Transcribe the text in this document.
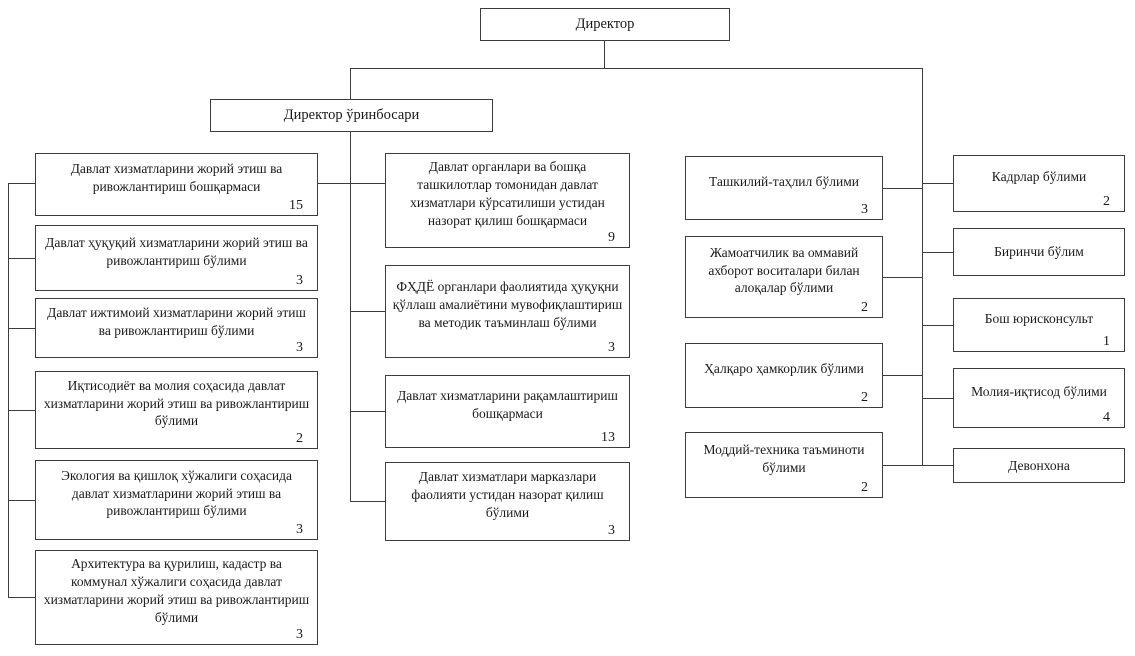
Директор
Директор ўринбосари
Давлат хизматларини жорий этиш ва ривожлантириш бошқармаси
15
Давлат ҳуқуқий хизматларини жорий этиш ва ривожлантириш бўлими
3
Давлат ижтимоий хизматларини жорий этиш ва ривожлантириш бўлими
3
Иқтисодиёт ва молия соҳасида давлат хизматларини жорий этиш ва ривожлантириш бўлими
2
Экология ва қишлоқ хўжалиги соҳасида давлат хизматларини жорий этиш ва ривожлантириш бўлими
3
Архитектура ва қурилиш, кадастр ва коммунал хўжалиги соҳасида давлат хизматларини жорий этиш ва ривожлантириш бўлими
3
Давлат органлари ва бошқа ташкилотлар томонидан давлат хизматлари кўрсатилиши устидан назорат қилиш бошқармаси
9
ФҲДЁ органлари фаолиятида ҳуқуқни қўллаш амалиётини мувофиқлаштириш ва методик таъминлаш бўлими
3
Давлат хизматларини рақамлаштириш бошқармаси
13
Давлат хизматлари марказлари фаолияти устидан назорат қилиш бўлими
3
Ташкилий-таҳлил бўлими
3
Жамоатчилик ва оммавий ахборот воситалари билан алоқалар бўлими
2
Ҳалқаро ҳамкорлик бўлими
2
Моддий-техника таъминоти бўлими
2
Кадрлар бўлими
2
Биринчи бўлим
Бош юрисконсульт
1
Молия-иқтисод бўлими
4
Девонхона
